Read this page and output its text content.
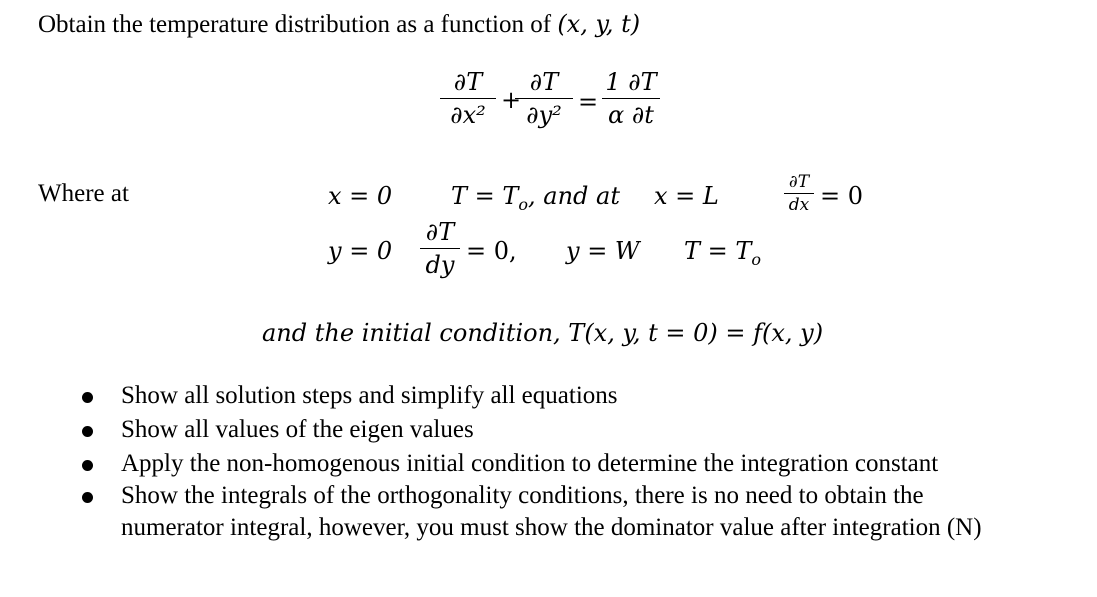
Obtain the temperature distribution as a function of (x, y, t)
∂T
∂x²
+
∂T
∂y² =
1 ∂T
α ∂t
Where at	x = 0 $T = T_o$, and at x = L	∂T
dx = 0
y = 0
∂T
dy = 0, y = W $T = T_o$
and the initial condition, T(x, y, t = 0) = f(x, y)
Show all solution steps and simplify all equations
Show all values of the eigen values
Apply the non-homogenous initial condition to determine the integration constant
Show the integrals of the orthogonality conditions, there is no need to obtain the
numerator integral, however, you must show the dominator value after integration (N)
